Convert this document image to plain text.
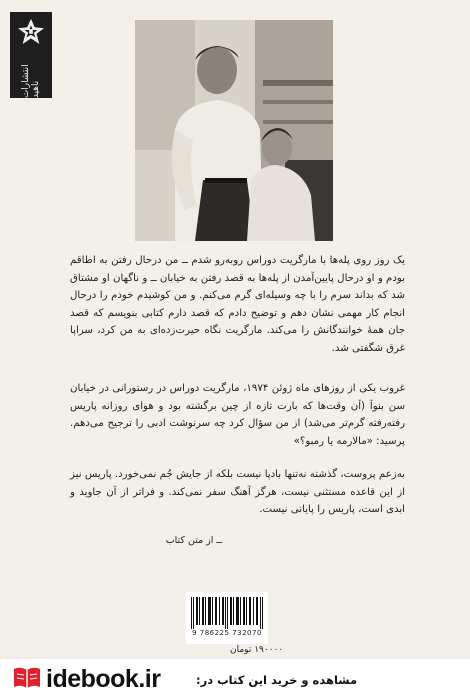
انتشارات ناهید
یک روز روی پله‌ها با مارگریت دوراس روبه‌رو شدم ــ من درحال رفتن به اطاقم بودم و او درحال پایین‌آمدن از پله‌ها به قصد رفتن به خیابان ــ و ناگهان او مشتاق شد که بداند سرم را با چه وسیله‌ای گرم می‌کنم. و من کوشیدم خودم را درحال انجام کار مهمی نشان دهم و توضیح دادم که قصد دارم کتابی بنویسم که قصد جان همهٔ خوانندگانش را می‌کند. مارگریت نگاه حیرت‌زده‌ای به من کرد، سراپا غرق شگفتی شد.
غروب یکی از روزهای ماه ژوئن ۱۹۷۴، مارگریت دوراس در رستورانی در خیابان سن بنوآ (آن وقت‌ها که بارت تازه از چین برگشته بود و هوای روزانه پاریس رفته‌رفته گرم‌تر می‌شد) از من سؤال کرد چه سرنوشت ادبی را ترجیح می‌دهم. پرسید: «مالارمه یا رمبو؟»
به‌زعم پروست، گذشته نه‌تنها بادپا نیست بلکه از جایش جُم نمی‌خورد. پاریس نیز از این قاعده مستثنی نیست، هرگز آهنگ سفر نمی‌کند. و فراتر از آن جاوید و ابدی است، پاریس را پایانی نیست.
ــ از متن کتاب
9 786225 732070
۱۹۰۰۰۰ تومان
idebook.ir	مشاهده و خرید این کتاب در:
